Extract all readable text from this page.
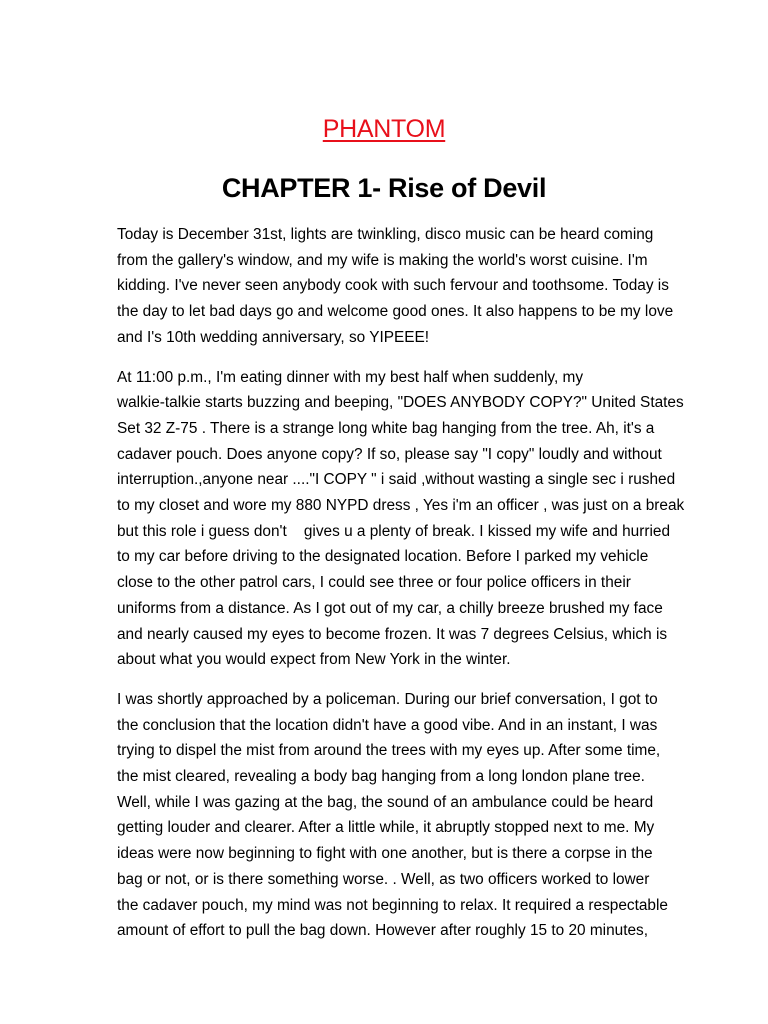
PHANTOM
CHAPTER 1- Rise of Devil
Today is December 31st, lights are twinkling, disco music can be heard coming
from the gallery's window, and my wife is making the world's worst cuisine. I'm
kidding. I've never seen anybody cook with such fervour and toothsome. Today is
the day to let bad days go and welcome good ones. It also happens to be my love
and I's 10th wedding anniversary, so YIPEEE!
At 11:00 p.m., I'm eating dinner with my best half when suddenly, my
walkie-talkie starts buzzing and beeping, "DOES ANYBODY COPY?" United States
Set 32 Z-75 . There is a strange long white bag hanging from the tree. Ah, it's a
cadaver pouch. Does anyone copy? If so, please say "I copy" loudly and without
interruption.,anyone near ...."I COPY " i said ,without wasting a single sec i rushed
to my closet and wore my 880 NYPD dress , Yes i'm an officer , was just on a break
but this role i guess don't    gives u a plenty of break. I kissed my wife and hurried
to my car before driving to the designated location. Before I parked my vehicle
close to the other patrol cars, I could see three or four police officers in their
uniforms from a distance. As I got out of my car, a chilly breeze brushed my face
and nearly caused my eyes to become frozen. It was 7 degrees Celsius, which is
about what you would expect from New York in the winter.
I was shortly approached by a policeman. During our brief conversation, I got to
the conclusion that the location didn't have a good vibe. And in an instant, I was
trying to dispel the mist from around the trees with my eyes up. After some time,
the mist cleared, revealing a body bag hanging from a long london plane tree.
Well, while I was gazing at the bag, the sound of an ambulance could be heard
getting louder and clearer. After a little while, it abruptly stopped next to me. My
ideas were now beginning to fight with one another, but is there a corpse in the
bag or not, or is there something worse. . Well, as two officers worked to lower
the cadaver pouch, my mind was not beginning to relax. It required a respectable
amount of effort to pull the bag down. However after roughly 15 to 20 minutes,
